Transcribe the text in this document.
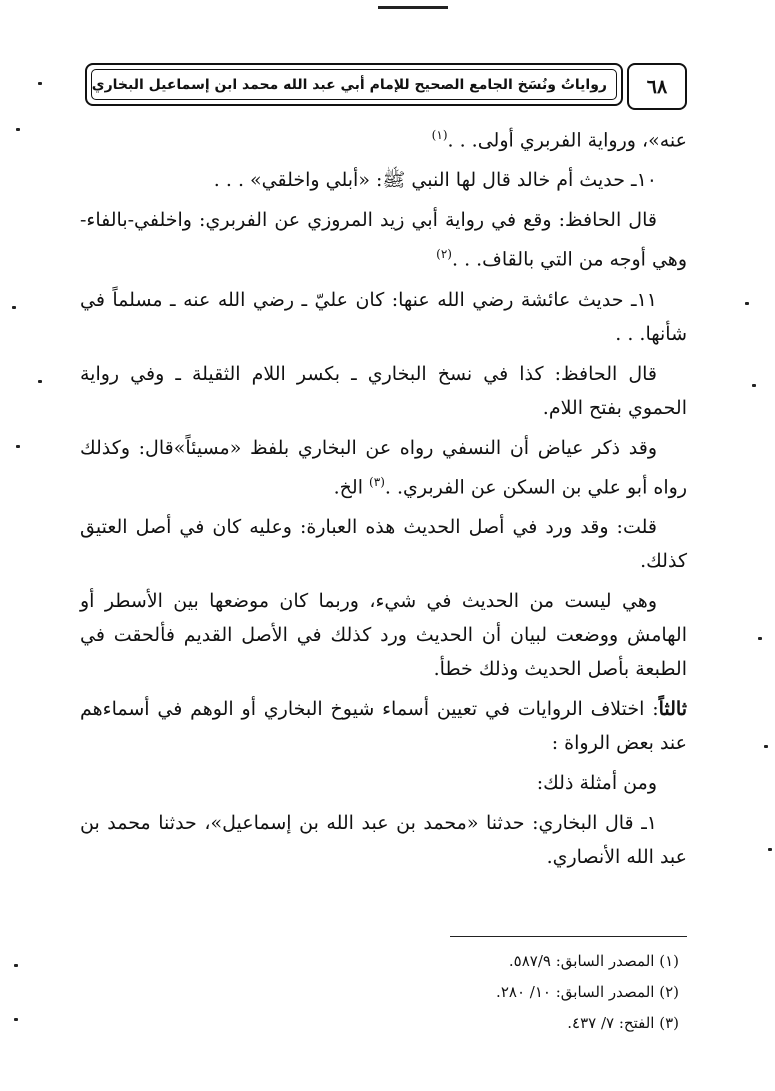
٦٨
رواياتُ ونُسَخ الجامع الصحيح للإمام أبي عبد الله محمد ابن إسماعيل البخاري

عنه»، ورواية الفربري أولى. . .$^{(١)}$

١٠ـ حديث أم خالد قال لها النبي ﷺ: «أبلي واخلقي» . . .

قال الحافظ: وقع في رواية أبي زيد المروزي عن الفربري: واخلفي-بالفاء- وهي أوجه من التي بالقاف. . .$^{(٢)}$

١١ـ حديث عائشة رضي الله عنها: كان عليّ ـ رضي الله عنه ـ مسلماً في شأنها. . .

قال الحافظ: كذا في نسخ البخاري ـ بكسر اللام الثقيلة ـ وفي رواية الحموي بفتح اللام.

وقد ذكر عياض أن النسفي رواه عن البخاري بلفظ «مسيئاً»قال: وكذلك رواه أبو علي بن السكن عن الفربري. .$^{(٣)}$ الخ.

قلت: وقد ورد في أصل الحديث هذه العبارة: وعليه كان في أصل العتيق كذلك.

وهي ليست من الحديث في شيء، وربما كان موضعها بين الأسطر أو الهامش ووضعت لبيان أن الحديث ورد كذلك في الأصل القديم فألحقت في الطبعة بأصل الحديث وذلك خطأ.

ثالثاً: اختلاف الروايات في تعيين أسماء شيوخ البخاري أو الوهم في أسماءهم عند بعض الرواة :

ومن أمثلة ذلك:

١ـ قال البخاري: حدثنا «محمد بن عبد الله بن إسماعيل»، حدثنا محمد بن عبد الله الأنصاري.

(١) المصدر السابق: ٥٨٧/٩.
(٢) المصدر السابق: ١٠/ ٢٨٠.
(٣) الفتح: ٧/ ٤٣٧.
